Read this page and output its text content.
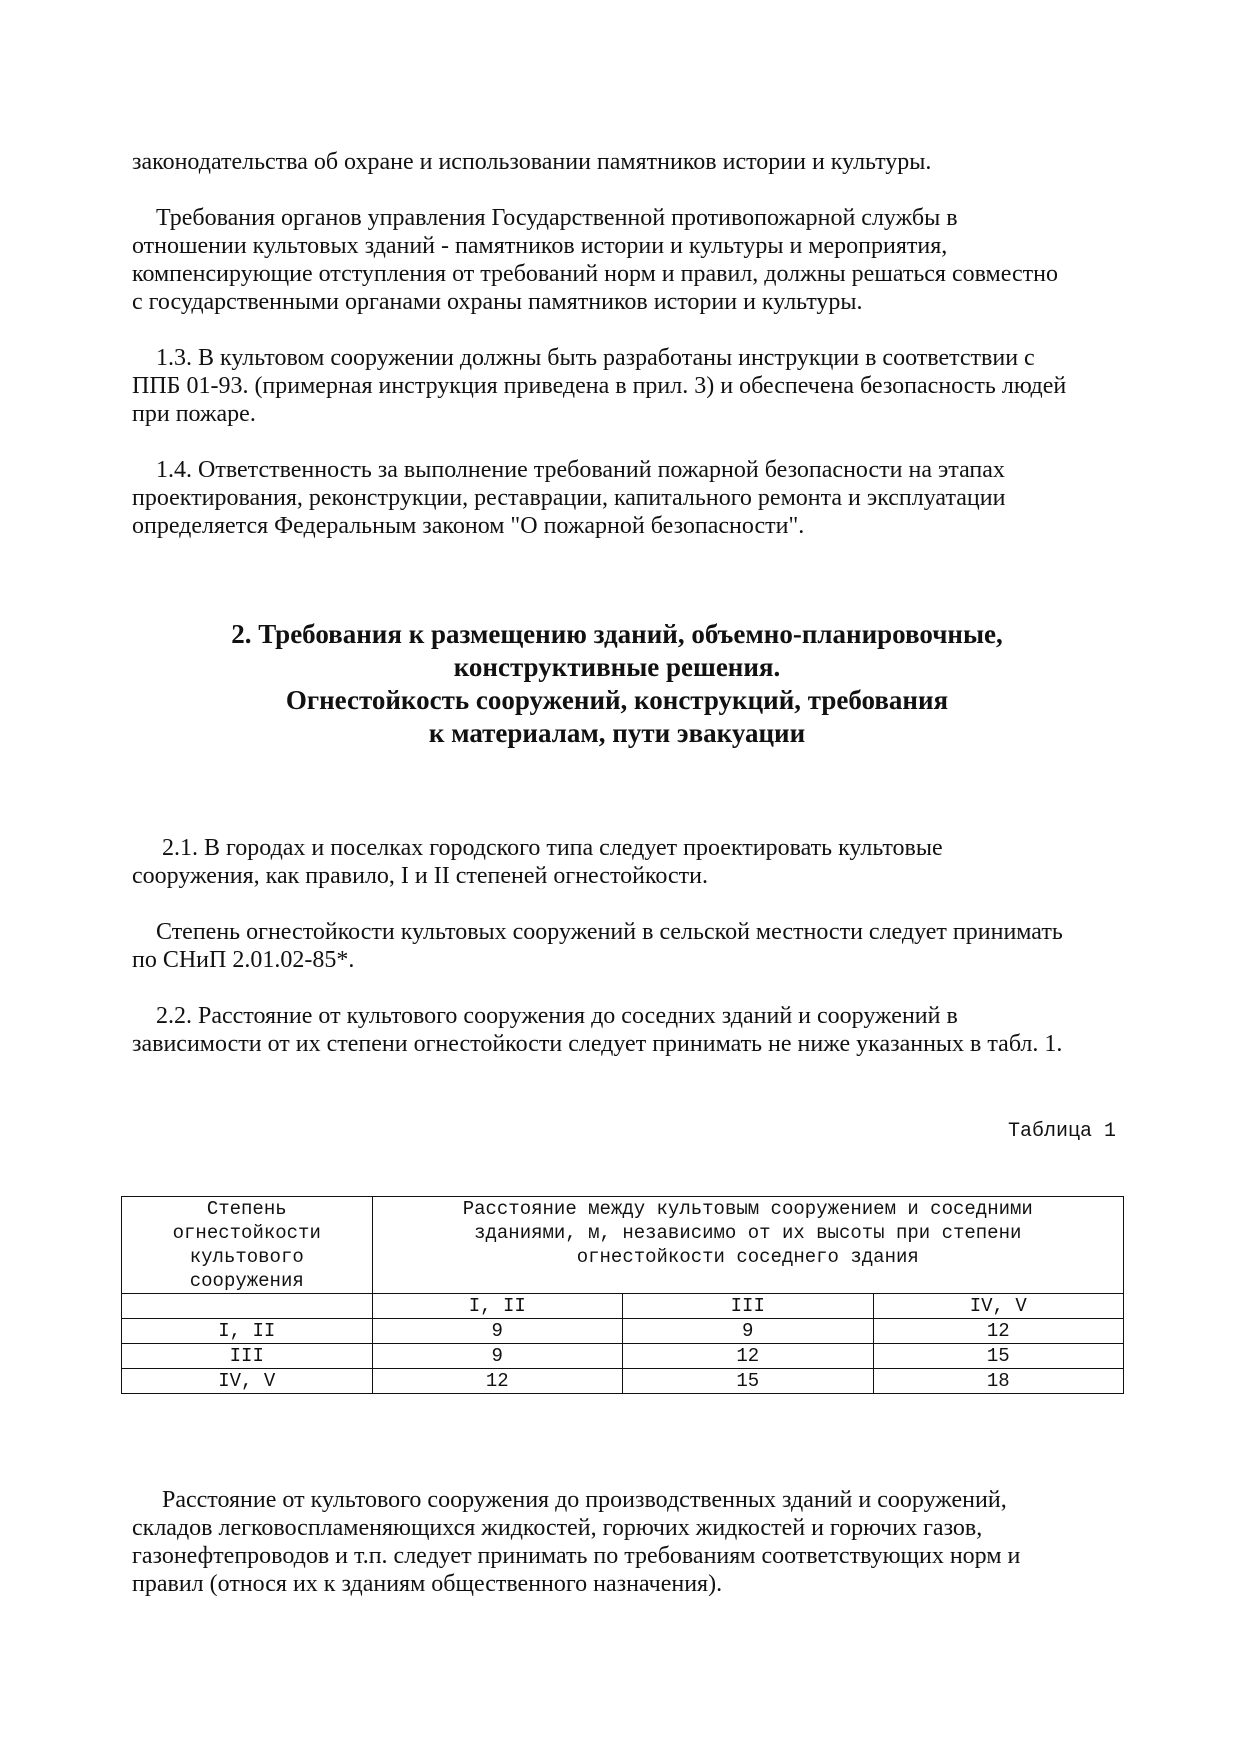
законодательства об охране и использовании памятников истории и культуры.

Требования органов управления Государственной противопожарной службы в
отношении культовых зданий - памятников истории и культуры и мероприятия,
компенсирующие отступления от требований норм и правил, должны решаться совместно
с государственными органами охраны памятников истории и культуры.

1.3. В культовом сооружении должны быть разработаны инструкции в соответствии с
ППБ 01-93. (примерная инструкция приведена в прил. 3) и обеспечена безопасность людей
при пожаре.

1.4. Ответственность за выполнение требований пожарной безопасности на этапах
проектирования, реконструкции, реставрации, капитального ремонта и эксплуатации
определяется Федеральным законом "О пожарной безопасности".

2. Требования к размещению зданий, объемно-планировочные,
конструктивные решения.
Огнестойкость сооружений, конструкций, требования
к материалам, пути эвакуации

2.1. В городах и поселках городского типа следует проектировать культовые
сооружения, как правило, I и II степеней огнестойкости.

Степень огнестойкости культовых сооружений в сельской местности следует принимать
по СНиП 2.01.02-85*.

2.2. Расстояние от культового сооружения до соседних зданий и сооружений в
зависимости от их степени огнестойкости следует принимать не ниже указанных в табл. 1.

Таблица 1

Степень
огнестойкости
культового
сооружения	Расстояние между культовым сооружением и соседними
зданиями, м, независимо от их высоты при степени
огнестойкости соседнего здания		
	I, II	III	IV, V
I, II	9	9	12
III	9	12	15
IV, V	12	15	18

Расстояние от культового сооружения до производственных зданий и сооружений,
складов легковоспламеняющихся жидкостей, горючих жидкостей и горючих газов,
газонефтепроводов и т.п. следует принимать по требованиям соответствующих норм и
правил (относя их к зданиям общественного назначения).
